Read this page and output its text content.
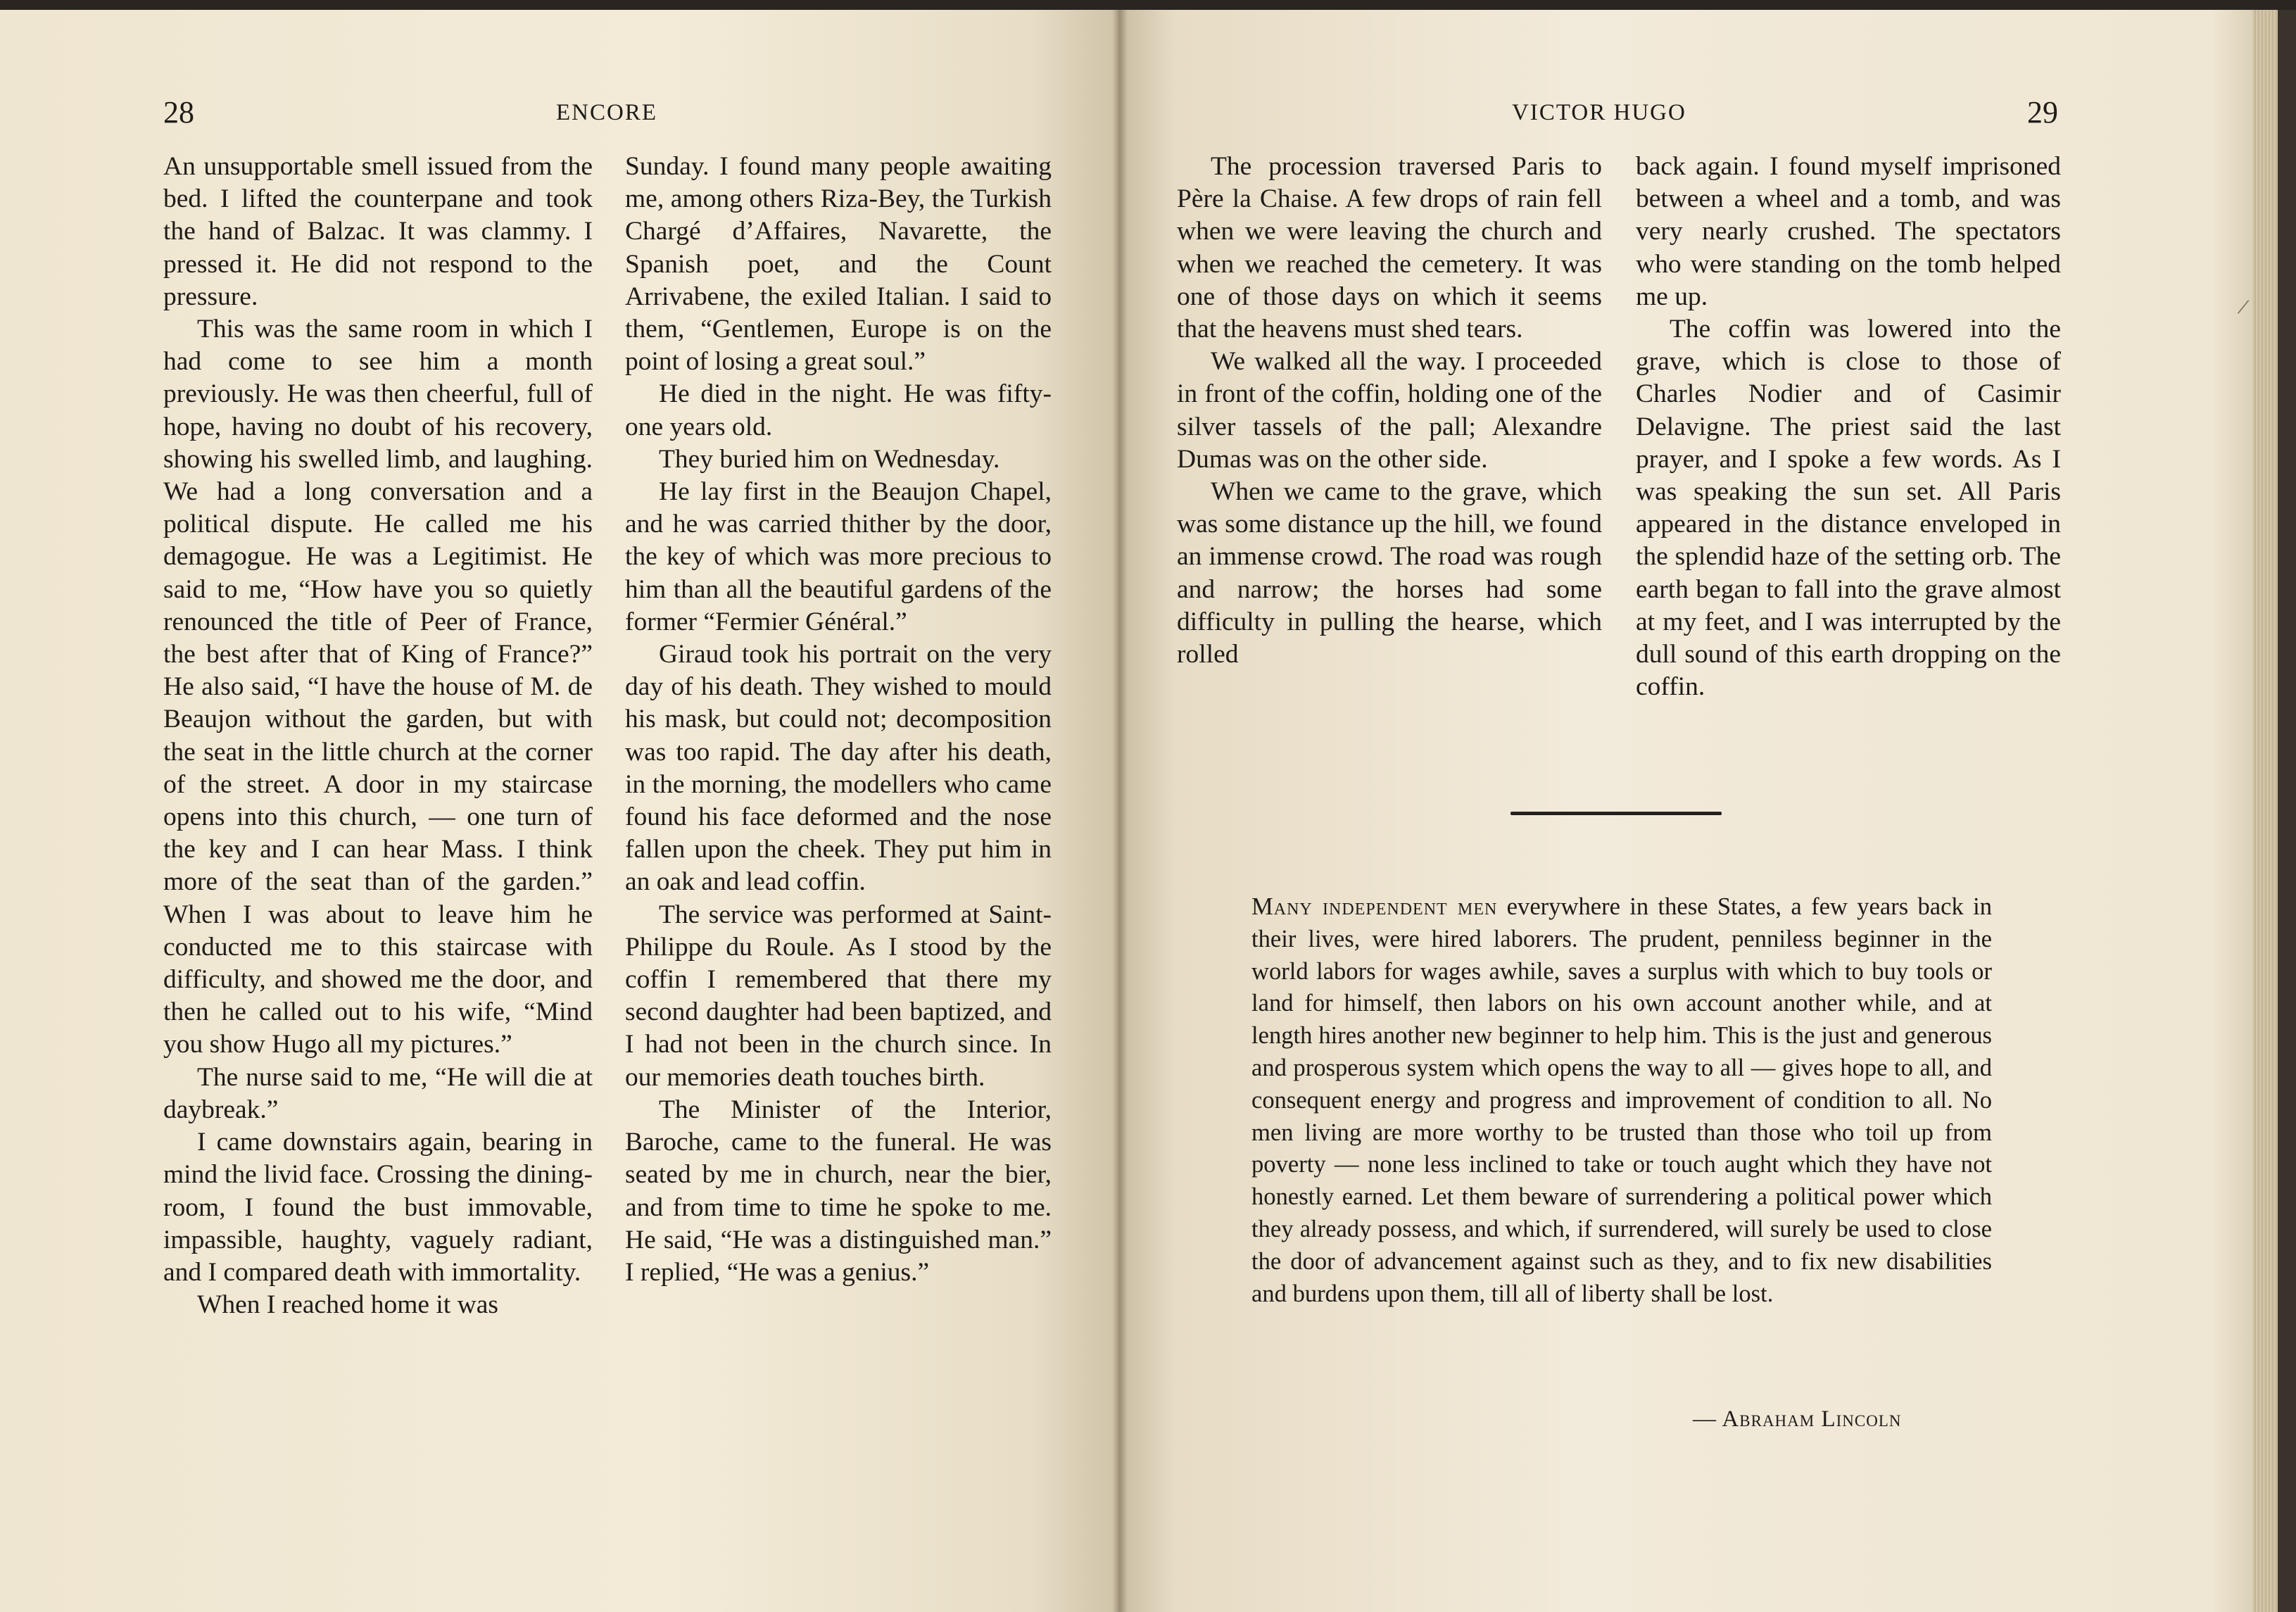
28	ENCORE	VICTOR HUGO	29

An unsupportable smell issued from the bed. I lifted the counterpane and took the hand of Balzac. It was clammy. I pressed it. He did not respond to the pressure.

This was the same room in which I had come to see him a month previously. He was then cheerful, full of hope, having no doubt of his recovery, showing his swelled limb, and laughing. We had a long conversation and a political dispute. He called me his demagogue. He was a Legitimist. He said to me, “How have you so quietly renounced the title of Peer of France, the best after that of King of France?” He also said, “I have the house of M. de Beaujon without the garden, but with the seat in the little church at the corner of the street. A door in my staircase opens into this church, — one turn of the key and I can hear Mass. I think more of the seat than of the garden.” When I was about to leave him he conducted me to this staircase with difficulty, and showed me the door, and then he called out to his wife, “Mind you show Hugo all my pictures.”

The nurse said to me, “He will die at daybreak.”

I came downstairs again, bearing in mind the livid face. Crossing the dining-room, I found the bust immovable, impassible, haughty, vaguely radiant, and I compared death with immortality.

When I reached home it was

Sunday. I found many people awaiting me, among others Riza-Bey, the Turkish Chargé d’Affaires, Navarette, the Spanish poet, and the Count Arrivabene, the exiled Italian. I said to them, “Gentlemen, Europe is on the point of losing a great soul.”

He died in the night. He was fifty-one years old.

They buried him on Wednesday.

He lay first in the Beaujon Chapel, and he was carried thither by the door, the key of which was more precious to him than all the beautiful gardens of the former “Fermier Général.”

Giraud took his portrait on the very day of his death. They wished to mould his mask, but could not; decomposition was too rapid. The day after his death, in the morning, the modellers who came found his face deformed and the nose fallen upon the cheek. They put him in an oak and lead coffin.

The service was performed at Saint-Philippe du Roule. As I stood by the coffin I remembered that there my second daughter had been baptized, and I had not been in the church since. In our memories death touches birth.

The Minister of the Interior, Baroche, came to the funeral. He was seated by me in church, near the bier, and from time to time he spoke to me. He said, “He was a distinguished man.” I replied, “He was a genius.”

The procession traversed Paris to Père la Chaise. A few drops of rain fell when we were leaving the church and when we reached the cemetery. It was one of those days on which it seems that the heavens must shed tears.

We walked all the way. I proceeded in front of the coffin, holding one of the silver tassels of the pall; Alexandre Dumas was on the other side.

When we came to the grave, which was some distance up the hill, we found an immense crowd. The road was rough and narrow; the horses had some difficulty in pulling the hearse, which rolled

back again. I found myself imprisoned between a wheel and a tomb, and was very nearly crushed. The spectators who were standing on the tomb helped me up.

The coffin was lowered into the grave, which is close to those of Charles Nodier and of Casimir Delavigne. The priest said the last prayer, and I spoke a few words. As I was speaking the sun set. All Paris appeared in the distance enveloped in the splendid haze of the setting orb. The earth began to fall into the grave almost at my feet, and I was interrupted by the dull sound of this earth dropping on the coffin.

Many independent men everywhere in these States, a few years back in their lives, were hired laborers. The prudent, penniless beginner in the world labors for wages awhile, saves a surplus with which to buy tools or land for himself, then labors on his own account another while, and at length hires another new beginner to help him. This is the just and generous and prosperous system which opens the way to all — gives hope to all, and consequent energy and progress and improvement of condition to all. No men living are more worthy to be trusted than those who toil up from poverty — none less inclined to take or touch aught which they have not honestly earned. Let them beware of surrendering a political power which they already possess, and which, if surrendered, will surely be used to close the door of advancement against such as they, and to fix new disabilities and burdens upon them, till all of liberty shall be lost.

— Abraham Lincoln
/
